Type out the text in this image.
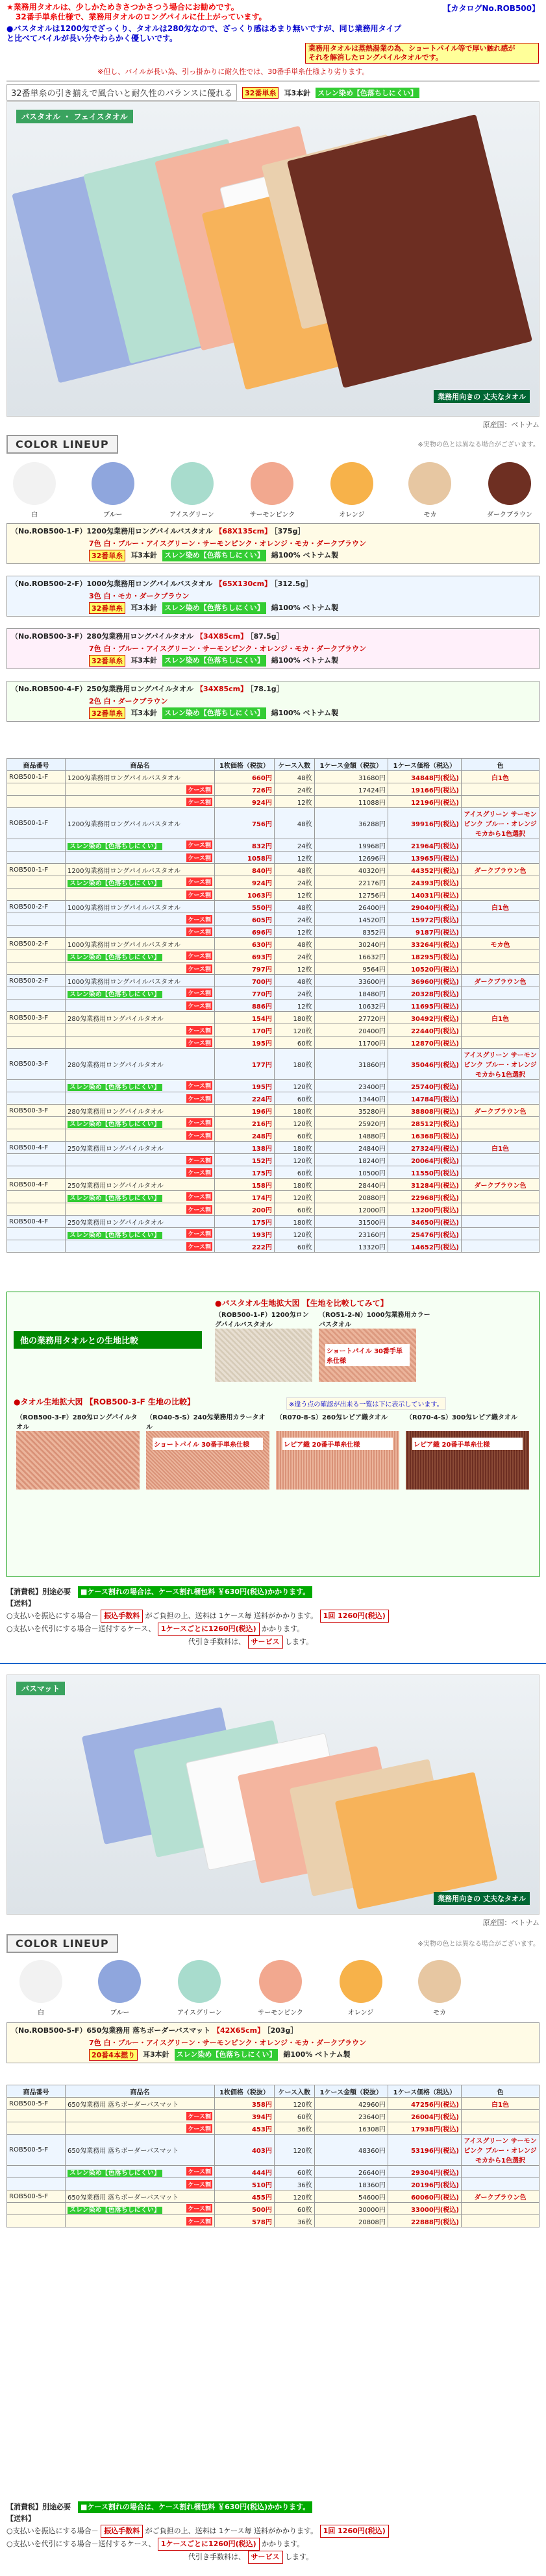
★業務用タオルは、少しかためきさつかさつう場合にお勧めです。
32番手単糸仕様で、業務用タオルのロングパイルに仕上がっています。
●バスタオルは1200匁でざっくり、タオルは280匁なので、ざっくり感はあまり無いですが、同じ業務用タイプ
と比べてパイルが長い分やわらかく優しいです。
【カタログNo.ROB500】
業務用タオルは蒸熱湯業の為、ショートパイル等で厚い触れ感が
それを解消したロングパイルタオルです。
※但し、パイルが長い為、引っ掛かりに耐久性では、30番手単糸仕様より劣ります。
32番単糸の引き揃えで風合いと耐久性のバランスに優れる	32番単糸	耳3本針 スレン染め【色落ちしにくい】
バスタオル ・ フェイスタオル
業務用向きの 丈夫なタオル
原産国：ベトナム
COLOR LINEUP	※実物の色とは異なる場合がございます。
白	ブルー	アイスグリーン	サーモンピンク	オレンジ	モカ	ダークブラウン
（No.ROB500-1-F）1200匁業務用ロングパイルバスタオル 【68X135cm】 ［375g］
7色 白・ブルー・アイスグリーン・サーモンピンク・オレンジ・モカ・ダークブラウン
32番単糸	耳3本針 スレン染め【色落ちしにくい】 綿100% ベトナム製
（No.ROB500-2-F）1000匁業務用ロングパイルバスタオル 【65X130cm】 ［312.5g］
3色 白・モカ・ダークブラウン
32番単糸	耳3本針 スレン染め【色落ちしにくい】 綿100% ベトナム製
（No.ROB500-3-F）280匁業務用ロングパイルタオル 【34X85cm】 ［87.5g］
7色 白・ブルー・アイスグリーン・サーモンピンク・オレンジ・モカ・ダークブラウン
32番単糸	耳3本針 スレン染め【色落ちしにくい】 綿100% ベトナム製
（No.ROB500-4-F）250匁業務用ロングパイルタオル 【34X85cm】 ［78.1g］
2色 白・ダークブラウン
32番単糸	耳3本針 スレン染め【色落ちしにくい】 綿100% ベトナム製
商品番号	商品名	1枚価格（税抜）	ケース入数	1ケース金額（税抜）	1ケース価格（税込）	色
ROB500-1-F	1200匁業務用ロングパイルバスタオル	660円	48枚	31680円	34848円(税込)	白1色

	ケース割	726円	24枚	17424円	19166円(税込)	

	ケース割	924円	12枚	11088円	12196円(税込)	
ROB500-1-F	1200匁業務用ロングパイルバスタオル	756円	48枚	36288円	39916円(税込)	アイスグリーン サーモンピンク ブルー・オレンジ モカから1色選択
	スレン染め【色落ちしにくい】 ケース割	832円	24枚	19968円	21964円(税込)	

	ケース割	1058円	12枚	12696円	13965円(税込)	
ROB500-1-F	1200匁業務用ロングパイルバスタオル	840円	48枚	40320円	44352円(税込)	ダークブラウン色
	スレン染め【色落ちしにくい】 ケース割	924円	24枚	22176円	24393円(税込)	

	ケース割	1063円	12枚	12756円	14031円(税込)	
ROB500-2-F	1000匁業務用ロングパイルバスタオル	550円	48枚	26400円	29040円(税込)	白1色

	ケース割	605円	24枚	14520円	15972円(税込)	

	ケース割	696円	12枚	8352円	9187円(税込)	
ROB500-2-F	1000匁業務用ロングパイルバスタオル	630円	48枚	30240円	33264円(税込)	モカ色
	スレン染め【色落ちしにくい】 ケース割	693円	24枚	16632円	18295円(税込)	

	ケース割	797円	12枚	9564円	10520円(税込)	
ROB500-2-F	1000匁業務用ロングパイルバスタオル	700円	48枚	33600円	36960円(税込)	ダークブラウン色
	スレン染め【色落ちしにくい】 ケース割	770円	24枚	18480円	20328円(税込)	

	ケース割	886円	12枚	10632円	11695円(税込)	
ROB500-3-F	280匁業務用ロングパイルタオル	154円	180枚	27720円	30492円(税込)	白1色

	ケース割	170円	120枚	20400円	22440円(税込)	

	ケース割	195円	60枚	11700円	12870円(税込)	
ROB500-3-F	280匁業務用ロングパイルタオル	177円	180枚	31860円	35046円(税込)	アイスグリーン サーモンピンク ブルー・オレンジ モカから1色選択
	スレン染め【色落ちしにくい】 ケース割	195円	120枚	23400円	25740円(税込)	

	ケース割	224円	60枚	13440円	14784円(税込)	
ROB500-3-F	280匁業務用ロングパイルタオル	196円	180枚	35280円	38808円(税込)	ダークブラウン色
	スレン染め【色落ちしにくい】 ケース割	216円	120枚	25920円	28512円(税込)	

	ケース割	248円	60枚	14880円	16368円(税込)	
ROB500-4-F	250匁業務用ロングパイルタオル	138円	180枚	24840円	27324円(税込)	白1色

	ケース割	152円	120枚	18240円	20064円(税込)	

	ケース割	175円	60枚	10500円	11550円(税込)	
ROB500-4-F	250匁業務用ロングパイルタオル	158円	180枚	28440円	31284円(税込)	ダークブラウン色
	スレン染め【色落ちしにくい】 ケース割	174円	120枚	20880円	22968円(税込)	

	ケース割	200円	60枚	12000円	13200円(税込)	
ROB500-4-F	250匁業務用ロングパイルタオル	175円	180枚	31500円	34650円(税込)	
	スレン染め【色落ちしにくい】 ケース割	193円	120枚	23160円	25476円(税込)	

	ケース割	222円	60枚	13320円	14652円(税込)	
他の業務用タオルとの生地比較
●バスタオル生地拡大図 【生地を比較してみて】
（ROB500-1-F）1200匁ロングパイルバスタオル
（RO51-2-N）1000匁業務用カラーバスタオル
ショートパイル 30番手単糸仕様
●タオル生地拡大図 【ROB500-3-F 生地の比較】	※違う点の確認が出来る一覧は下に表示しています。
（ROB500-3-F）280匁ロングパイルタオル
（RO40-5-S）240匁業務用カラータオル
（R070-8-S）260匁レピア織タオル	（R070-4-S）300匁レピア織タオル
ショートパイル 30番手単糸仕様	レピア織 20番手単糸仕様	レピア織 20番手単糸仕様
【消費税】別途必要　 ■ケース割れの場合は、ケース割れ梱包料 ￥630円(税込)かかります。
【送料】
○支払いを振込にする場合－ 振込手数料 がご負担の上、送料は 1ケース毎 送料がかかります。 1回 1260円(税込)
○支払いを代引にする場合－送付するケース、 1ケースごとに1260円(税込) かかります。
代引き手数料は、 サービス します。
バスマット
業務用向きの 丈夫なタオル
原産国：ベトナム
COLOR LINEUP	※実物の色とは異なる場合がございます。
白	ブルー	アイスグリーン	サーモンピンク	オレンジ	モカ
（No.ROB500-5-F）650匁業務用 落ちボーダーバスマット 【42X65cm】 ［203g］
7色 白・ブルー・アイスグリーン・サーモンピンク・オレンジ・モカ・ダークブラウン
20番4本撚り	耳3本針 スレン染め【色落ちしにくい】 綿100% ベトナム製
商品番号	商品名	1枚価格（税抜）	ケース入数	1ケース金額（税抜）	1ケース価格（税込）	色
ROB500-5-F	650匁業務用 落ちボーダーバスマット	358円	120枚	42960円	47256円(税込)	白1色

	ケース割	394円	60枚	23640円	26004円(税込)	

	ケース割	453円	36枚	16308円	17938円(税込)	
ROB500-5-F	650匁業務用 落ちボーダーバスマット	403円	120枚	48360円	53196円(税込)	アイスグリーン サーモンピンク ブルー・オレンジ モカから1色選択
	スレン染め【色落ちしにくい】 ケース割	444円	60枚	26640円	29304円(税込)	

	ケース割	510円	36枚	18360円	20196円(税込)	
ROB500-5-F	650匁業務用 落ちボーダーバスマット	455円	120枚	54600円	60060円(税込)	ダークブラウン色
	スレン染め【色落ちしにくい】 ケース割	500円	60枚	30000円	33000円(税込)	

	ケース割	578円	36枚	20808円	22888円(税込)	
【消費税】別途必要　 ■ケース割れの場合は、ケース割れ梱包料 ￥630円(税込)かかります。
【送料】
○支払いを振込にする場合－ 振込手数料 がご負担の上、送料は 1ケース毎 送料がかかります。 1回 1260円(税込)
○支払いを代引にする場合－送付するケース、 1ケースごとに1260円(税込) かかります。
代引き手数料は、 サービス します。
